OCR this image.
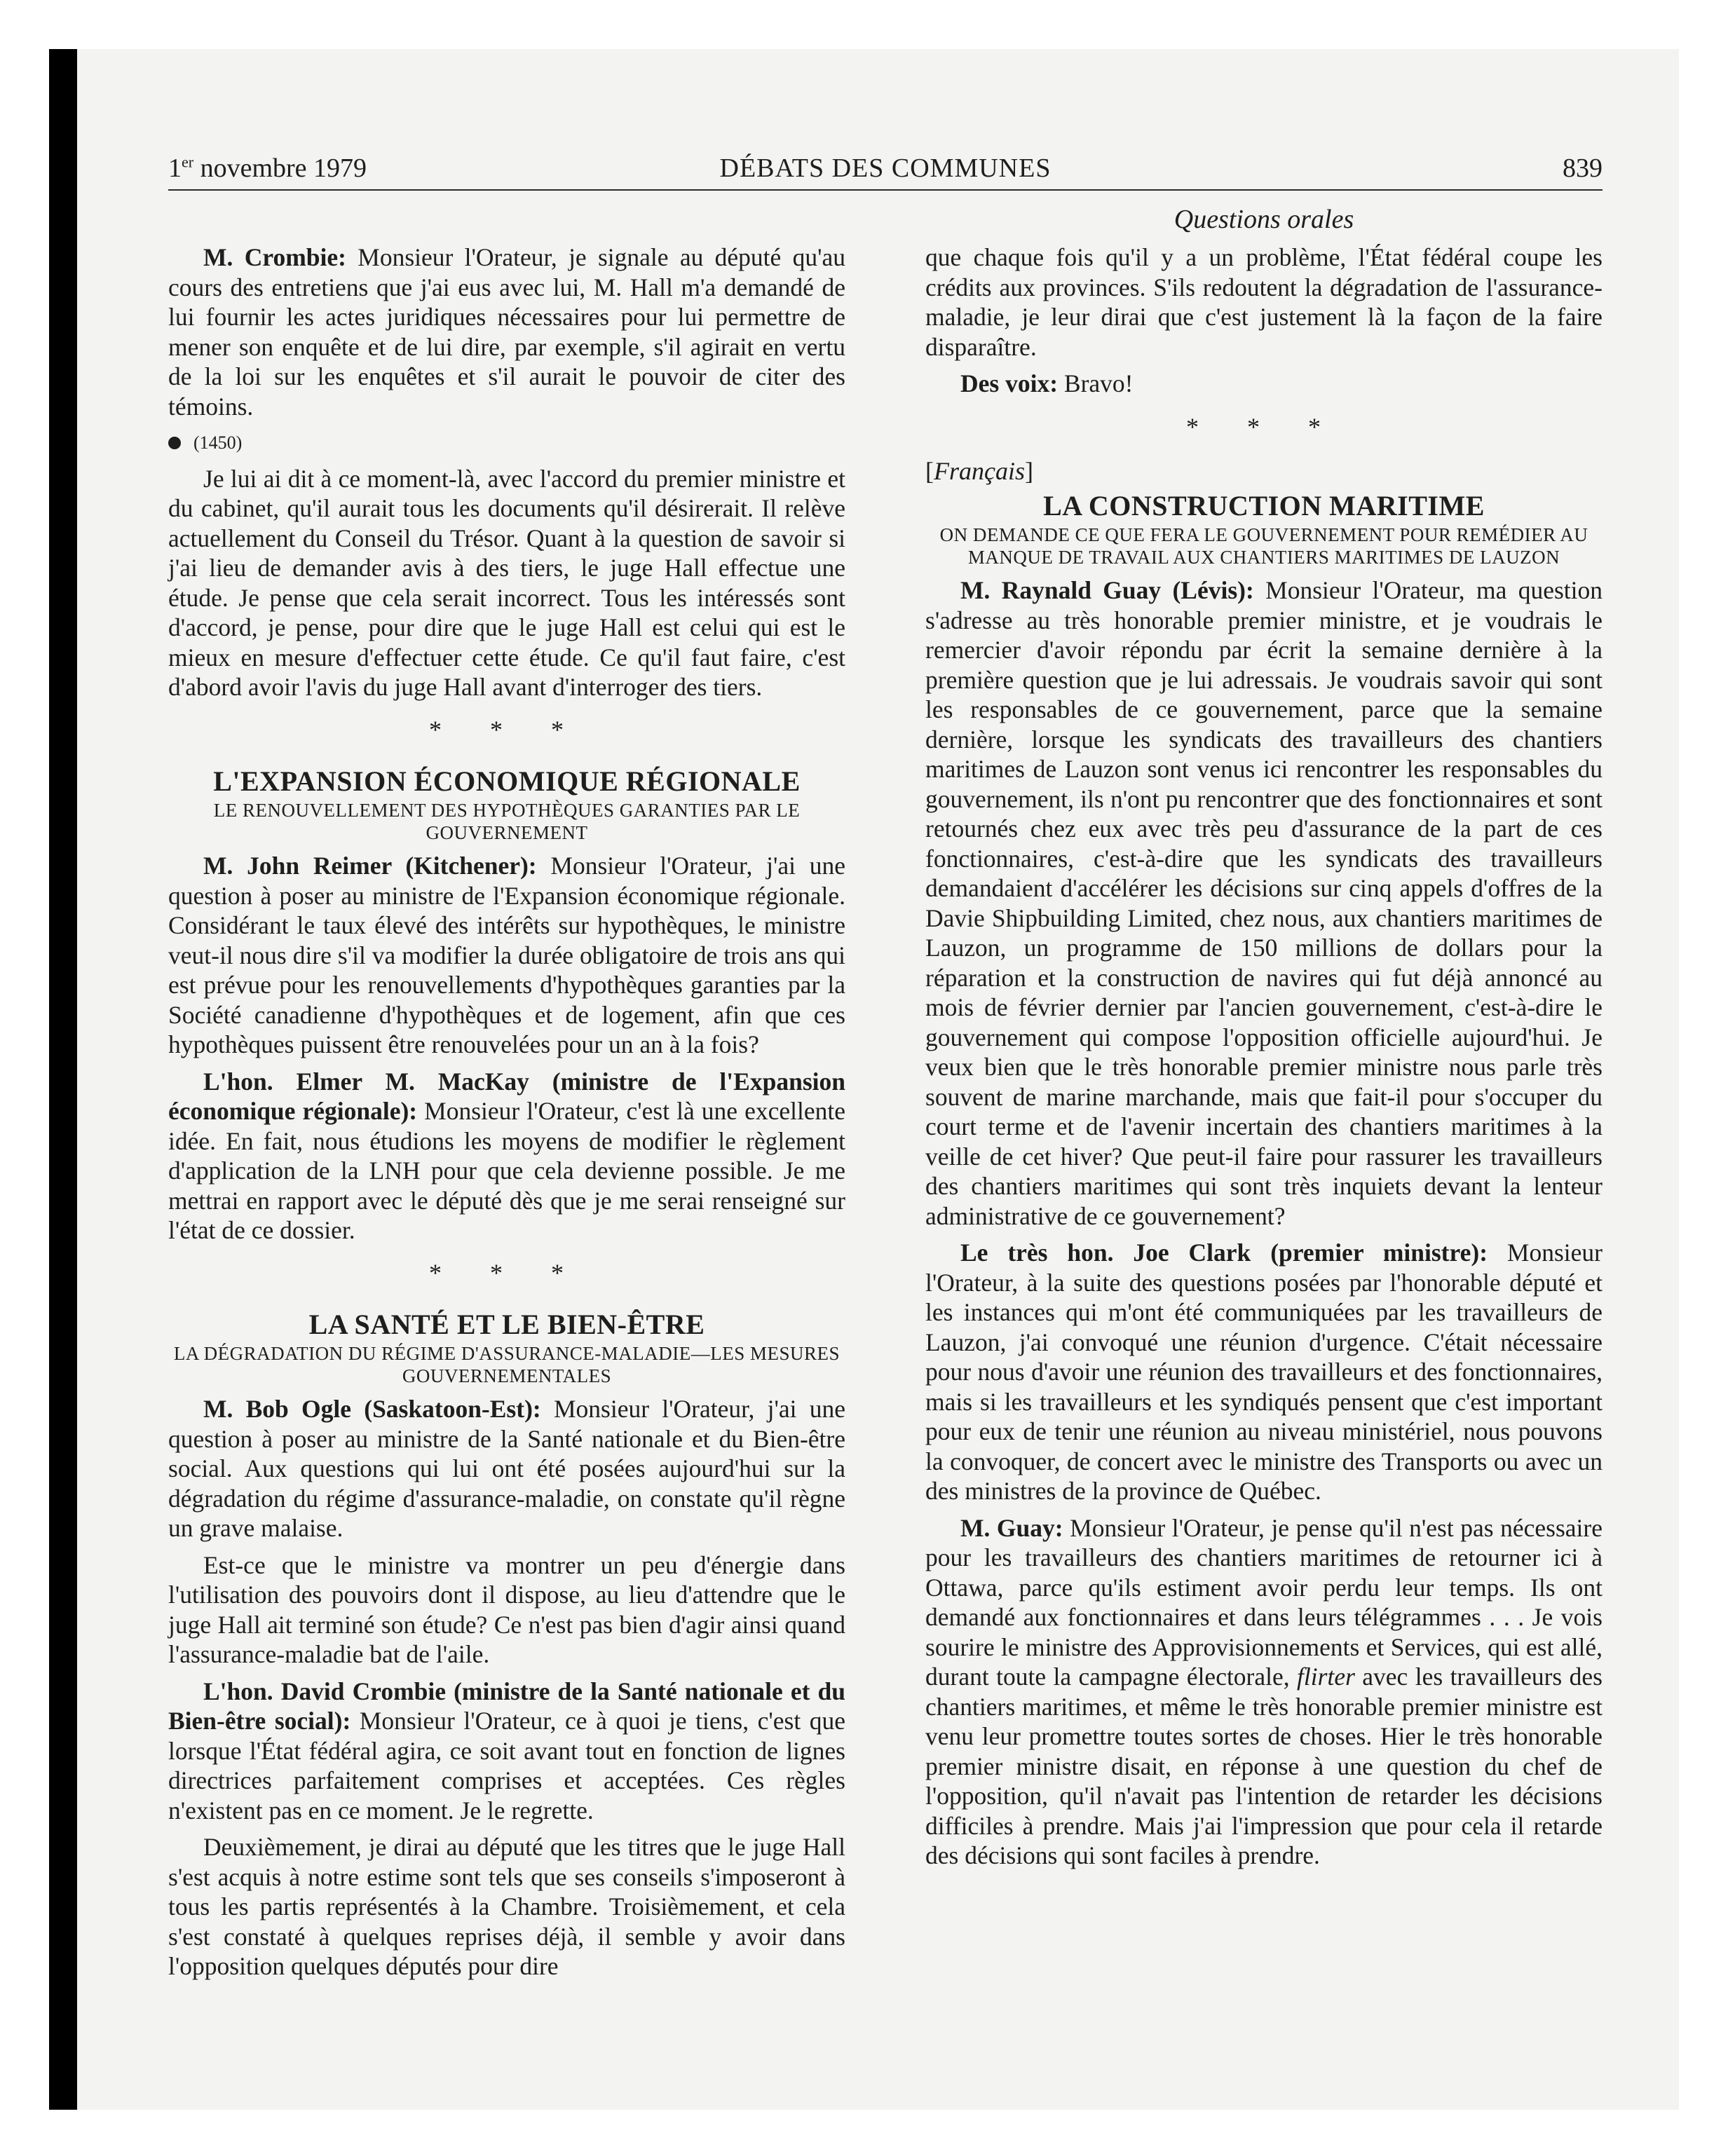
1er novembre 1979	DÉBATS DES COMMUNES	839
Questions orales

M. Crombie: Monsieur l'Orateur, je signale au député qu'au cours des entretiens que j'ai eus avec lui, M. Hall m'a demandé de lui fournir les actes juridiques nécessaires pour lui permettre de mener son enquête et de lui dire, par exemple, s'il agirait en vertu de la loi sur les enquêtes et s'il aurait le pouvoir de citer des témoins.

(1450)

Je lui ai dit à ce moment-là, avec l'accord du premier ministre et du cabinet, qu'il aurait tous les documents qu'il désirerait. Il relève actuellement du Conseil du Trésor. Quant à la question de savoir si j'ai lieu de demander avis à des tiers, le juge Hall effectue une étude. Je pense que cela serait incorrect. Tous les intéressés sont d'accord, je pense, pour dire que le juge Hall est celui qui est le mieux en mesure d'effectuer cette étude. Ce qu'il faut faire, c'est d'abord avoir l'avis du juge Hall avant d'interroger des tiers.

* * *
L'EXPANSION ÉCONOMIQUE RÉGIONALE
LE RENOUVELLEMENT DES HYPOTHÈQUES GARANTIES PAR LE GOUVERNEMENT

M. John Reimer (Kitchener): Monsieur l'Orateur, j'ai une question à poser au ministre de l'Expansion économique régionale. Considérant le taux élevé des intérêts sur hypothèques, le ministre veut-il nous dire s'il va modifier la durée obligatoire de trois ans qui est prévue pour les renouvellements d'hypothèques garanties par la Société canadienne d'hypothèques et de logement, afin que ces hypothèques puissent être renouvelées pour un an à la fois?

L'hon. Elmer M. MacKay (ministre de l'Expansion économique régionale): Monsieur l'Orateur, c'est là une excellente idée. En fait, nous étudions les moyens de modifier le règlement d'application de la LNH pour que cela devienne possible. Je me mettrai en rapport avec le député dès que je me serai renseigné sur l'état de ce dossier.

* * *
LA SANTÉ ET LE BIEN-ÊTRE
LA DÉGRADATION DU RÉGIME D'ASSURANCE-MALADIE—LES MESURES GOUVERNEMENTALES

M. Bob Ogle (Saskatoon-Est): Monsieur l'Orateur, j'ai une question à poser au ministre de la Santé nationale et du Bien-être social. Aux questions qui lui ont été posées aujourd'hui sur la dégradation du régime d'assurance-maladie, on constate qu'il règne un grave malaise.

Est-ce que le ministre va montrer un peu d'énergie dans l'utilisation des pouvoirs dont il dispose, au lieu d'attendre que le juge Hall ait terminé son étude? Ce n'est pas bien d'agir ainsi quand l'assurance-maladie bat de l'aile.

L'hon. David Crombie (ministre de la Santé nationale et du Bien-être social): Monsieur l'Orateur, ce à quoi je tiens, c'est que lorsque l'État fédéral agira, ce soit avant tout en fonction de lignes directrices parfaitement comprises et acceptées. Ces règles n'existent pas en ce moment. Je le regrette.

Deuxièmement, je dirai au député que les titres que le juge Hall s'est acquis à notre estime sont tels que ses conseils s'imposeront à tous les partis représentés à la Chambre. Troisièmement, et cela s'est constaté à quelques reprises déjà, il semble y avoir dans l'opposition quelques députés pour dire

que chaque fois qu'il y a un problème, l'État fédéral coupe les crédits aux provinces. S'ils redoutent la dégradation de l'assurance-maladie, je leur dirai que c'est justement là la façon de la faire disparaître.

Des voix: Bravo!

* * *
[Français]
LA CONSTRUCTION MARITIME
ON DEMANDE CE QUE FERA LE GOUVERNEMENT POUR REMÉDIER AU MANQUE DE TRAVAIL AUX CHANTIERS MARITIMES DE LAUZON

M. Raynald Guay (Lévis): Monsieur l'Orateur, ma question s'adresse au très honorable premier ministre, et je voudrais le remercier d'avoir répondu par écrit la semaine dernière à la première question que je lui adressais. Je voudrais savoir qui sont les responsables de ce gouvernement, parce que la semaine dernière, lorsque les syndicats des travailleurs des chantiers maritimes de Lauzon sont venus ici rencontrer les responsables du gouvernement, ils n'ont pu rencontrer que des fonctionnaires et sont retournés chez eux avec très peu d'assurance de la part de ces fonctionnaires, c'est-à-dire que les syndicats des travailleurs demandaient d'accélérer les décisions sur cinq appels d'offres de la Davie Shipbuilding Limited, chez nous, aux chantiers maritimes de Lauzon, un programme de 150 millions de dollars pour la réparation et la construction de navires qui fut déjà annoncé au mois de février dernier par l'ancien gouvernement, c'est-à-dire le gouvernement qui compose l'opposition officielle aujourd'hui. Je veux bien que le très honorable premier ministre nous parle très souvent de marine marchande, mais que fait-il pour s'occuper du court terme et de l'avenir incertain des chantiers maritimes à la veille de cet hiver? Que peut-il faire pour rassurer les travailleurs des chantiers maritimes qui sont très inquiets devant la lenteur administrative de ce gouvernement?

Le très hon. Joe Clark (premier ministre): Monsieur l'Orateur, à la suite des questions posées par l'honorable député et les instances qui m'ont été communiquées par les travailleurs de Lauzon, j'ai convoqué une réunion d'urgence. C'était nécessaire pour nous d'avoir une réunion des travailleurs et des fonctionnaires, mais si les travailleurs et les syndiqués pensent que c'est important pour eux de tenir une réunion au niveau ministériel, nous pouvons la convoquer, de concert avec le ministre des Transports ou avec un des ministres de la province de Québec.

M. Guay: Monsieur l'Orateur, je pense qu'il n'est pas nécessaire pour les travailleurs des chantiers maritimes de retourner ici à Ottawa, parce qu'ils estiment avoir perdu leur temps. Ils ont demandé aux fonctionnaires et dans leurs télégrammes . . . Je vois sourire le ministre des Approvisionnements et Services, qui est allé, durant toute la campagne électorale, flirter avec les travailleurs des chantiers maritimes, et même le très honorable premier ministre est venu leur promettre toutes sortes de choses. Hier le très honorable premier ministre disait, en réponse à une question du chef de l'opposition, qu'il n'avait pas l'intention de retarder les décisions difficiles à prendre. Mais j'ai l'impression que pour cela il retarde des décisions qui sont faciles à prendre.
